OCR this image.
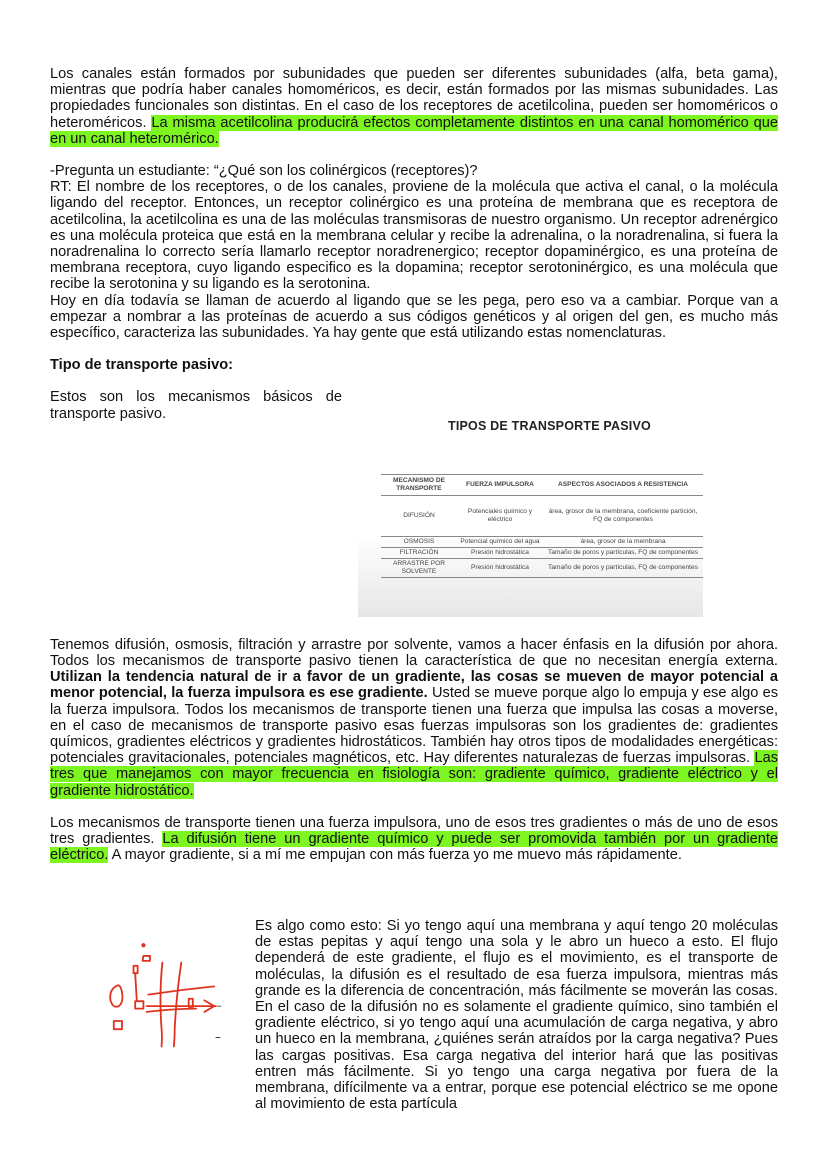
Los canales están formados por subunidades que pueden ser diferentes subunidades (alfa, beta gama), mientras que podría haber canales homoméricos, es decir, están formados por las mismas subunidades. Las propiedades funcionales son distintas. En el caso de los receptores de acetilcolina, pueden ser homoméricos o heteroméricos. La misma acetilcolina producirá efectos completamente distintos en una canal homomérico que en un canal heteromérico.

-Pregunta un estudiante: “¿Qué son los colinérgicos (receptores)?

RT: El nombre de los receptores, o de los canales, proviene de la molécula que activa el canal, o la molécula ligando del receptor. Entonces, un receptor colinérgico es una proteína de membrana que es receptora de acetilcolina, la acetilcolina es una de las moléculas transmisoras de nuestro organismo. Un receptor adrenérgico es una molécula proteica que está en la membrana celular y recibe la adrenalina, o la noradrenalina, si fuera la noradrenalina lo correcto sería llamarlo receptor noradrenergico; receptor dopaminérgico, es una proteína de membrana receptora, cuyo ligando especifico es la dopamina; receptor serotoninérgico, es una molécula que recibe la serotonina y su ligando es la serotonina.

Hoy en día todavía se llaman de acuerdo al ligando que se les pega, pero eso va a cambiar. Porque van a empezar a nombrar a las proteínas de acuerdo a sus códigos genéticos y al origen del gen, es mucho más específico, caracteriza las subunidades. Ya hay gente que está utilizando estas nomenclaturas.

Tipo de transporte pasivo:

Estos son los mecanismos básicos de transporte pasivo.

TIPOS DE TRANSPORTE PASIVO
MECANISMO DE TRANSPORTE	FUERZA IMPULSORA	ASPECTOS ASOCIADOS A RESISTENCIA
DIFUSIÓN	Potenciales químico y eléctrico	área, grosor de la membrana, coeficiente partición, FQ de componentes
OSMOSIS	Potencial químico del agua	área, grosor de la membrana
FILTRACIÓN	Presión hidrostática	Tamaño de poros y partículas, FQ de componentes
ARRASTRE POR SOLVENTE	Presión hidrostática	Tamaño de poros y partículas, FQ de componentes

Tenemos difusión, osmosis, filtración y arrastre por solvente, vamos a hacer énfasis en la difusión por ahora. Todos los mecanismos de transporte pasivo tienen la característica de que no necesitan energía externa. Utilizan la tendencia natural de ir a favor de un gradiente, las cosas se mueven de mayor potencial a menor potencial, la fuerza impulsora es ese gradiente. Usted se mueve porque algo lo empuja y ese algo es la fuerza impulsora. Todos los mecanismos de transporte tienen una fuerza que impulsa las cosas a moverse, en el caso de mecanismos de transporte pasivo esas fuerzas impulsoras son los gradientes de: gradientes químicos, gradientes eléctricos y gradientes hidrostáticos. También hay otros tipos de modalidades energéticas: potenciales gravitacionales, potenciales magnéticos, etc. Hay diferentes naturalezas de fuerzas impulsoras. Las tres que manejamos con mayor frecuencia en fisiología son: gradiente químico, gradiente eléctrico y el gradiente hidrostático.

Los mecanismos de transporte tienen una fuerza impulsora, uno de esos tres gradientes o más de uno de esos tres gradientes. La difusión tiene un gradiente químico y puede ser promovida también por un gradiente eléctrico. A mayor gradiente, si a mí me empujan con más fuerza yo me muevo más rápidamente.

Es algo como esto: Si yo tengo aquí una membrana y aquí tengo 20 moléculas de estas pepitas y aquí tengo una sola y le abro un hueco a esto. El flujo dependerá de este gradiente, el flujo es el movimiento, es el transporte de moléculas, la difusión es el resultado de esa fuerza impulsora, mientras más grande es la diferencia de concentración, más fácilmente se moverán las cosas. En el caso de la difusión no es solamente el gradiente químico, sino también el gradiente eléctrico, si yo tengo aquí una acumulación de carga negativa, y abro un hueco en la membrana, ¿quiénes serán atraídos por la carga negativa? Pues las cargas positivas. Esa carga negativa del interior hará que las positivas entren más fácilmente. Si yo tengo una carga negativa por fuera de la membrana, difícilmente va a entrar, porque ese potencial eléctrico se me opone al movimiento de esta partícula
